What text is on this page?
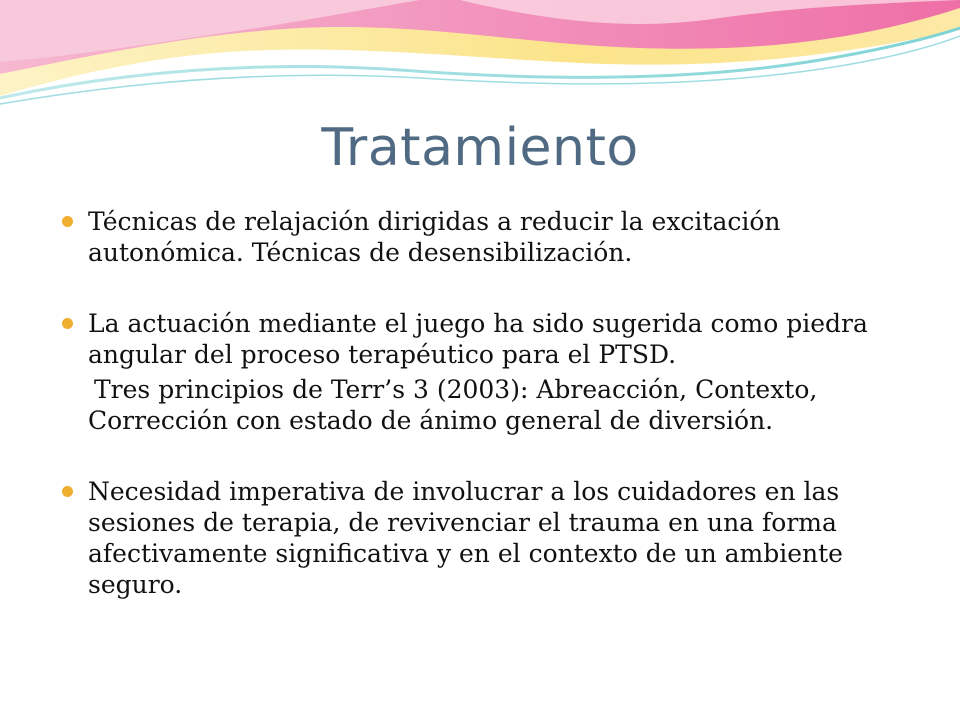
Tratamiento
Técnicas de relajación dirigidas a reducir la excitación autonómica. Técnicas de desensibilización.
La actuación mediante el juego ha sido sugerida como piedra angular del proceso terapéutico para el PTSD.
Tres principios de Terr’s 3 (2003): Abreacción, Contexto, Corrección con estado de ánimo general de diversión.
Necesidad imperativa de involucrar a los cuidadores en las sesiones de terapia, de revivenciar el trauma en una forma afectivamente significativa y en el contexto de un ambiente seguro.
